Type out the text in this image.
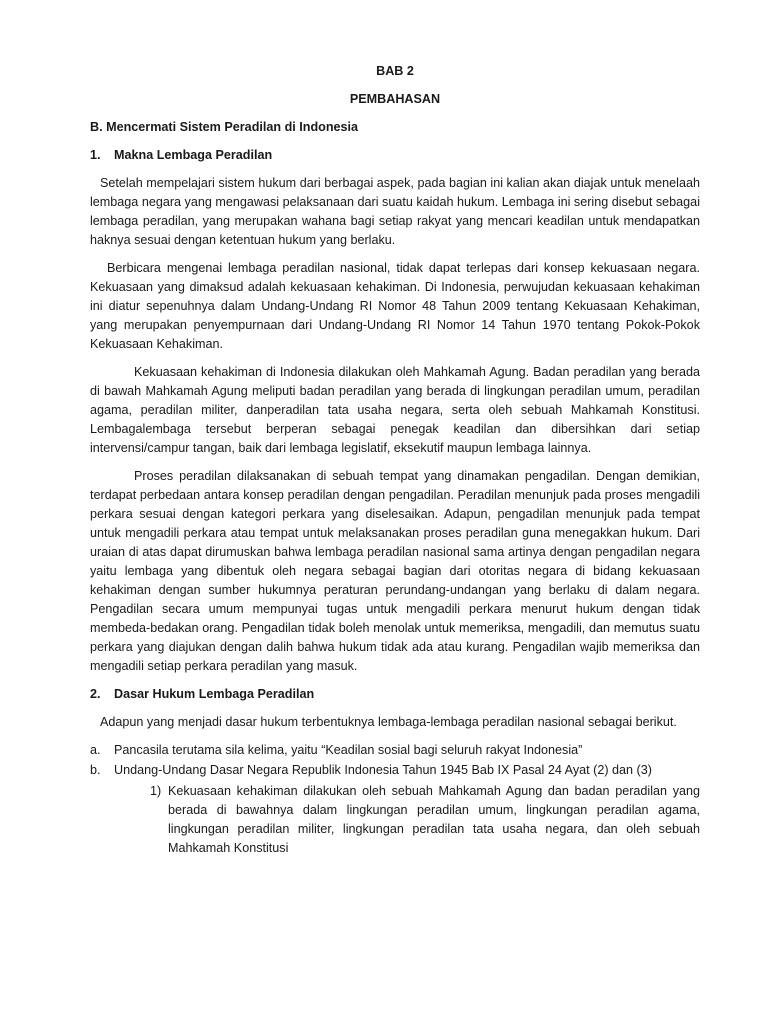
BAB 2
PEMBAHASAN
B. Mencermati Sistem Peradilan di Indonesia
1.	Makna Lembaga Peradilan

Setelah mempelajari sistem hukum dari berbagai aspek, pada bagian ini kalian akan diajak untuk menelaah lembaga negara yang mengawasi pelaksanaan dari suatu kaidah hukum. Lembaga ini sering disebut sebagai lembaga peradilan, yang merupakan wahana bagi setiap rakyat yang mencari keadilan untuk mendapatkan haknya sesuai dengan ketentuan hukum yang berlaku.

Berbicara mengenai lembaga peradilan nasional, tidak dapat terlepas dari konsep kekuasaan negara. Kekuasaan yang dimaksud adalah kekuasaan kehakiman. Di Indonesia, perwujudan kekuasaan kehakiman ini diatur sepenuhnya dalam Undang-Undang RI Nomor 48 Tahun 2009 tentang Kekuasaan Kehakiman, yang merupakan penyempurnaan dari Undang-Undang RI Nomor 14 Tahun 1970 tentang Pokok-Pokok Kekuasaan Kehakiman.

Kekuasaan kehakiman di Indonesia dilakukan oleh Mahkamah Agung. Badan peradilan yang berada di bawah Mahkamah Agung meliputi badan peradilan yang berada di lingkungan peradilan umum, peradilan agama, peradilan militer, danperadilan tata usaha negara, serta oleh sebuah Mahkamah Konstitusi. Lembagalembaga tersebut berperan sebagai penegak keadilan dan dibersihkan dari setiap intervensi/campur tangan, baik dari lembaga legislatif, eksekutif maupun lembaga lainnya.

Proses peradilan dilaksanakan di sebuah tempat yang dinamakan pengadilan. Dengan demikian, terdapat perbedaan antara konsep peradilan dengan pengadilan. Peradilan menunjuk pada proses mengadili perkara sesuai dengan kategori perkara yang diselesaikan. Adapun, pengadilan menunjuk pada tempat untuk mengadili perkara atau tempat untuk melaksanakan proses peradilan guna menegakkan hukum. Dari uraian di atas dapat dirumuskan bahwa lembaga peradilan nasional sama artinya dengan pengadilan negara yaitu lembaga yang dibentuk oleh negara sebagai bagian dari otoritas negara di bidang kekuasaan kehakiman dengan sumber hukumnya peraturan perundang-undangan yang berlaku di dalam negara. Pengadilan secara umum mempunyai tugas untuk mengadili perkara menurut hukum dengan tidak membeda-bedakan orang. Pengadilan tidak boleh menolak untuk memeriksa, mengadili, dan memutus suatu perkara yang diajukan dengan dalih bahwa hukum tidak ada atau kurang. Pengadilan wajib memeriksa dan mengadili setiap perkara peradilan yang masuk.

2.	Dasar Hukum Lembaga Peradilan

Adapun yang menjadi dasar hukum terbentuknya lembaga-lembaga peradilan nasional sebagai berikut.

a.	Pancasila terutama sila kelima, yaitu “Keadilan sosial bagi seluruh rakyat Indonesia”
b.	Undang-Undang Dasar Negara Republik Indonesia Tahun 1945 Bab IX Pasal 24 Ayat (2) dan (3)
1) Kekuasaan kehakiman dilakukan oleh sebuah Mahkamah Agung dan badan peradilan yang berada di bawahnya dalam lingkungan peradilan umum, lingkungan peradilan agama, lingkungan peradilan militer, lingkungan peradilan tata usaha negara, dan oleh sebuah Mahkamah Konstitusi
